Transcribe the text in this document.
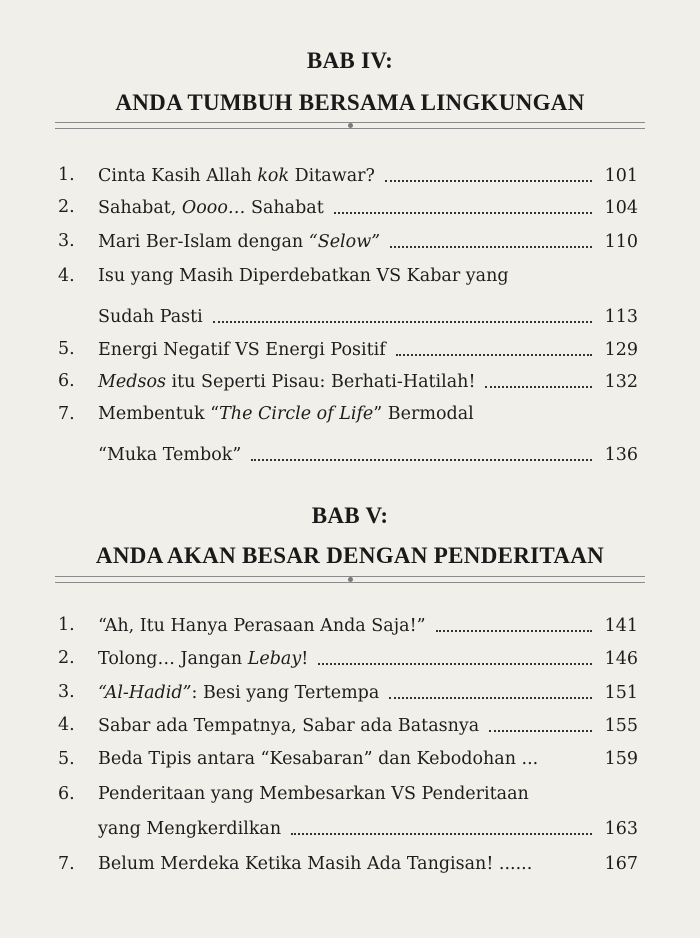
BAB IV:
ANDA TUMBUH BERSAMA LINGKUNGAN
1. Cinta Kasih Allah kok Ditawar?	101
2. Sahabat, Oooo… Sahabat	104
3. Mari Ber-Islam dengan “Selow”	110
4. Isu yang Masih Diperdebatkan VS Kabar yang
Sudah Pasti	113
5. Energi Negatif VS Energi Positif	129
6. Medsos itu Seperti Pisau: Berhati-Hatilah!	132
7. Membentuk “The Circle of Life” Bermodal
“Muka Tembok”	136
BAB V:
ANDA AKAN BESAR DENGAN PENDERITAAN
1. “Ah, Itu Hanya Perasaan Anda Saja!”	141
2. Tolong… Jangan Lebay!	146
3. “Al-Hadid”: Besi yang Tertempa	151
4. Sabar ada Tempatnya, Sabar ada Batasnya	155
5. Beda Tipis antara “Kesabaran” dan Kebodohan ...	159
6. Penderitaan yang Membesarkan VS Penderitaan
yang Mengkerdilkan	163
7. Belum Merdeka Ketika Masih Ada Tangisan! ......	167
